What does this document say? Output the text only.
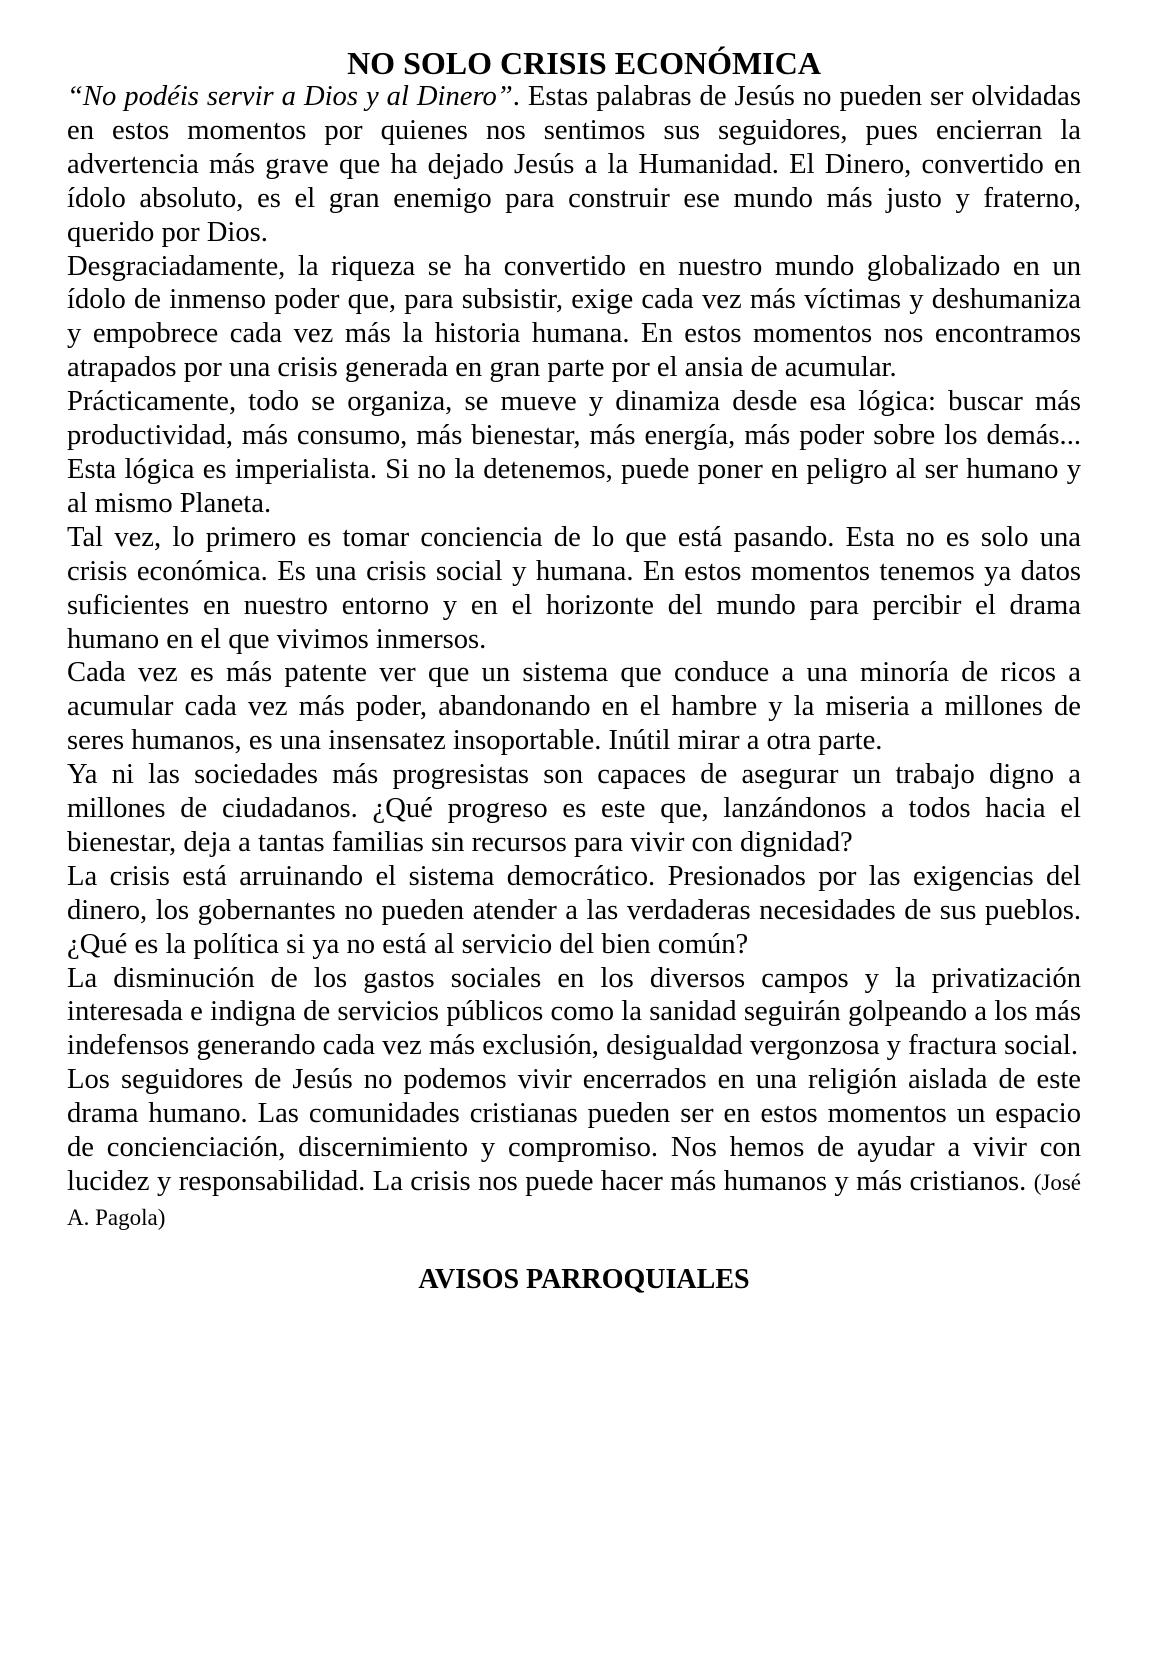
NO SOLO CRISIS ECONÓMICA

“No podéis servir a Dios y al Dinero”. Estas palabras de Jesús no pueden ser olvidadas en estos momentos por quienes nos sentimos sus seguidores, pues encierran la advertencia más grave que ha dejado Jesús a la Humanidad. El Dinero, convertido en ídolo absoluto, es el gran enemigo para construir ese mundo más justo y fraterno, querido por Dios.

Desgraciadamente, la riqueza se ha convertido en nuestro mundo globalizado en un ídolo de inmenso poder que, para subsistir, exige cada vez más víctimas y deshumaniza y empobrece cada vez más la historia humana. En estos momentos nos encontramos atrapados por una crisis generada en gran parte por el ansia de acumular.

Prácticamente, todo se organiza, se mueve y dinamiza desde esa lógica: buscar más productividad, más consumo, más bienestar, más energía, más poder sobre los demás... Esta lógica es imperialista. Si no la detenemos, puede poner en peligro al ser humano y al mismo Planeta.

Tal vez, lo primero es tomar conciencia de lo que está pasando. Esta no es solo una crisis económica. Es una crisis social y humana. En estos momentos tenemos ya datos suficientes en nuestro entorno y en el horizonte del mundo para percibir el drama humano en el que vivimos inmersos.

Cada vez es más patente ver que un sistema que conduce a una minoría de ricos a acumular cada vez más poder, abandonando en el hambre y la miseria a millones de seres humanos, es una insensatez insoportable. Inútil mirar a otra parte.

Ya ni las sociedades más progresistas son capaces de asegurar un trabajo digno a millones de ciudadanos. ¿Qué progreso es este que, lanzándonos a todos hacia el bienestar, deja a tantas familias sin recursos para vivir con dignidad?

La crisis está arruinando el sistema democrático. Presionados por las exigencias del dinero, los gobernantes no pueden atender a las verdaderas necesidades de sus pueblos. ¿Qué es la política si ya no está al servicio del bien común?

La disminución de los gastos sociales en los diversos campos y la privatización interesada e indigna de servicios públicos como la sanidad seguirán golpeando a los más indefensos generando cada vez más exclusión, desigualdad vergonzosa y fractura social.

Los seguidores de Jesús no podemos vivir encerrados en una religión aislada de este drama humano. Las comunidades cristianas pueden ser en estos momentos un espacio de concienciación, discernimiento y compromiso. Nos hemos de ayudar a vivir con lucidez y responsabilidad. La crisis nos puede hacer más humanos y más cristianos. (José A. Pagola)

AVISOS PARROQUIALES
